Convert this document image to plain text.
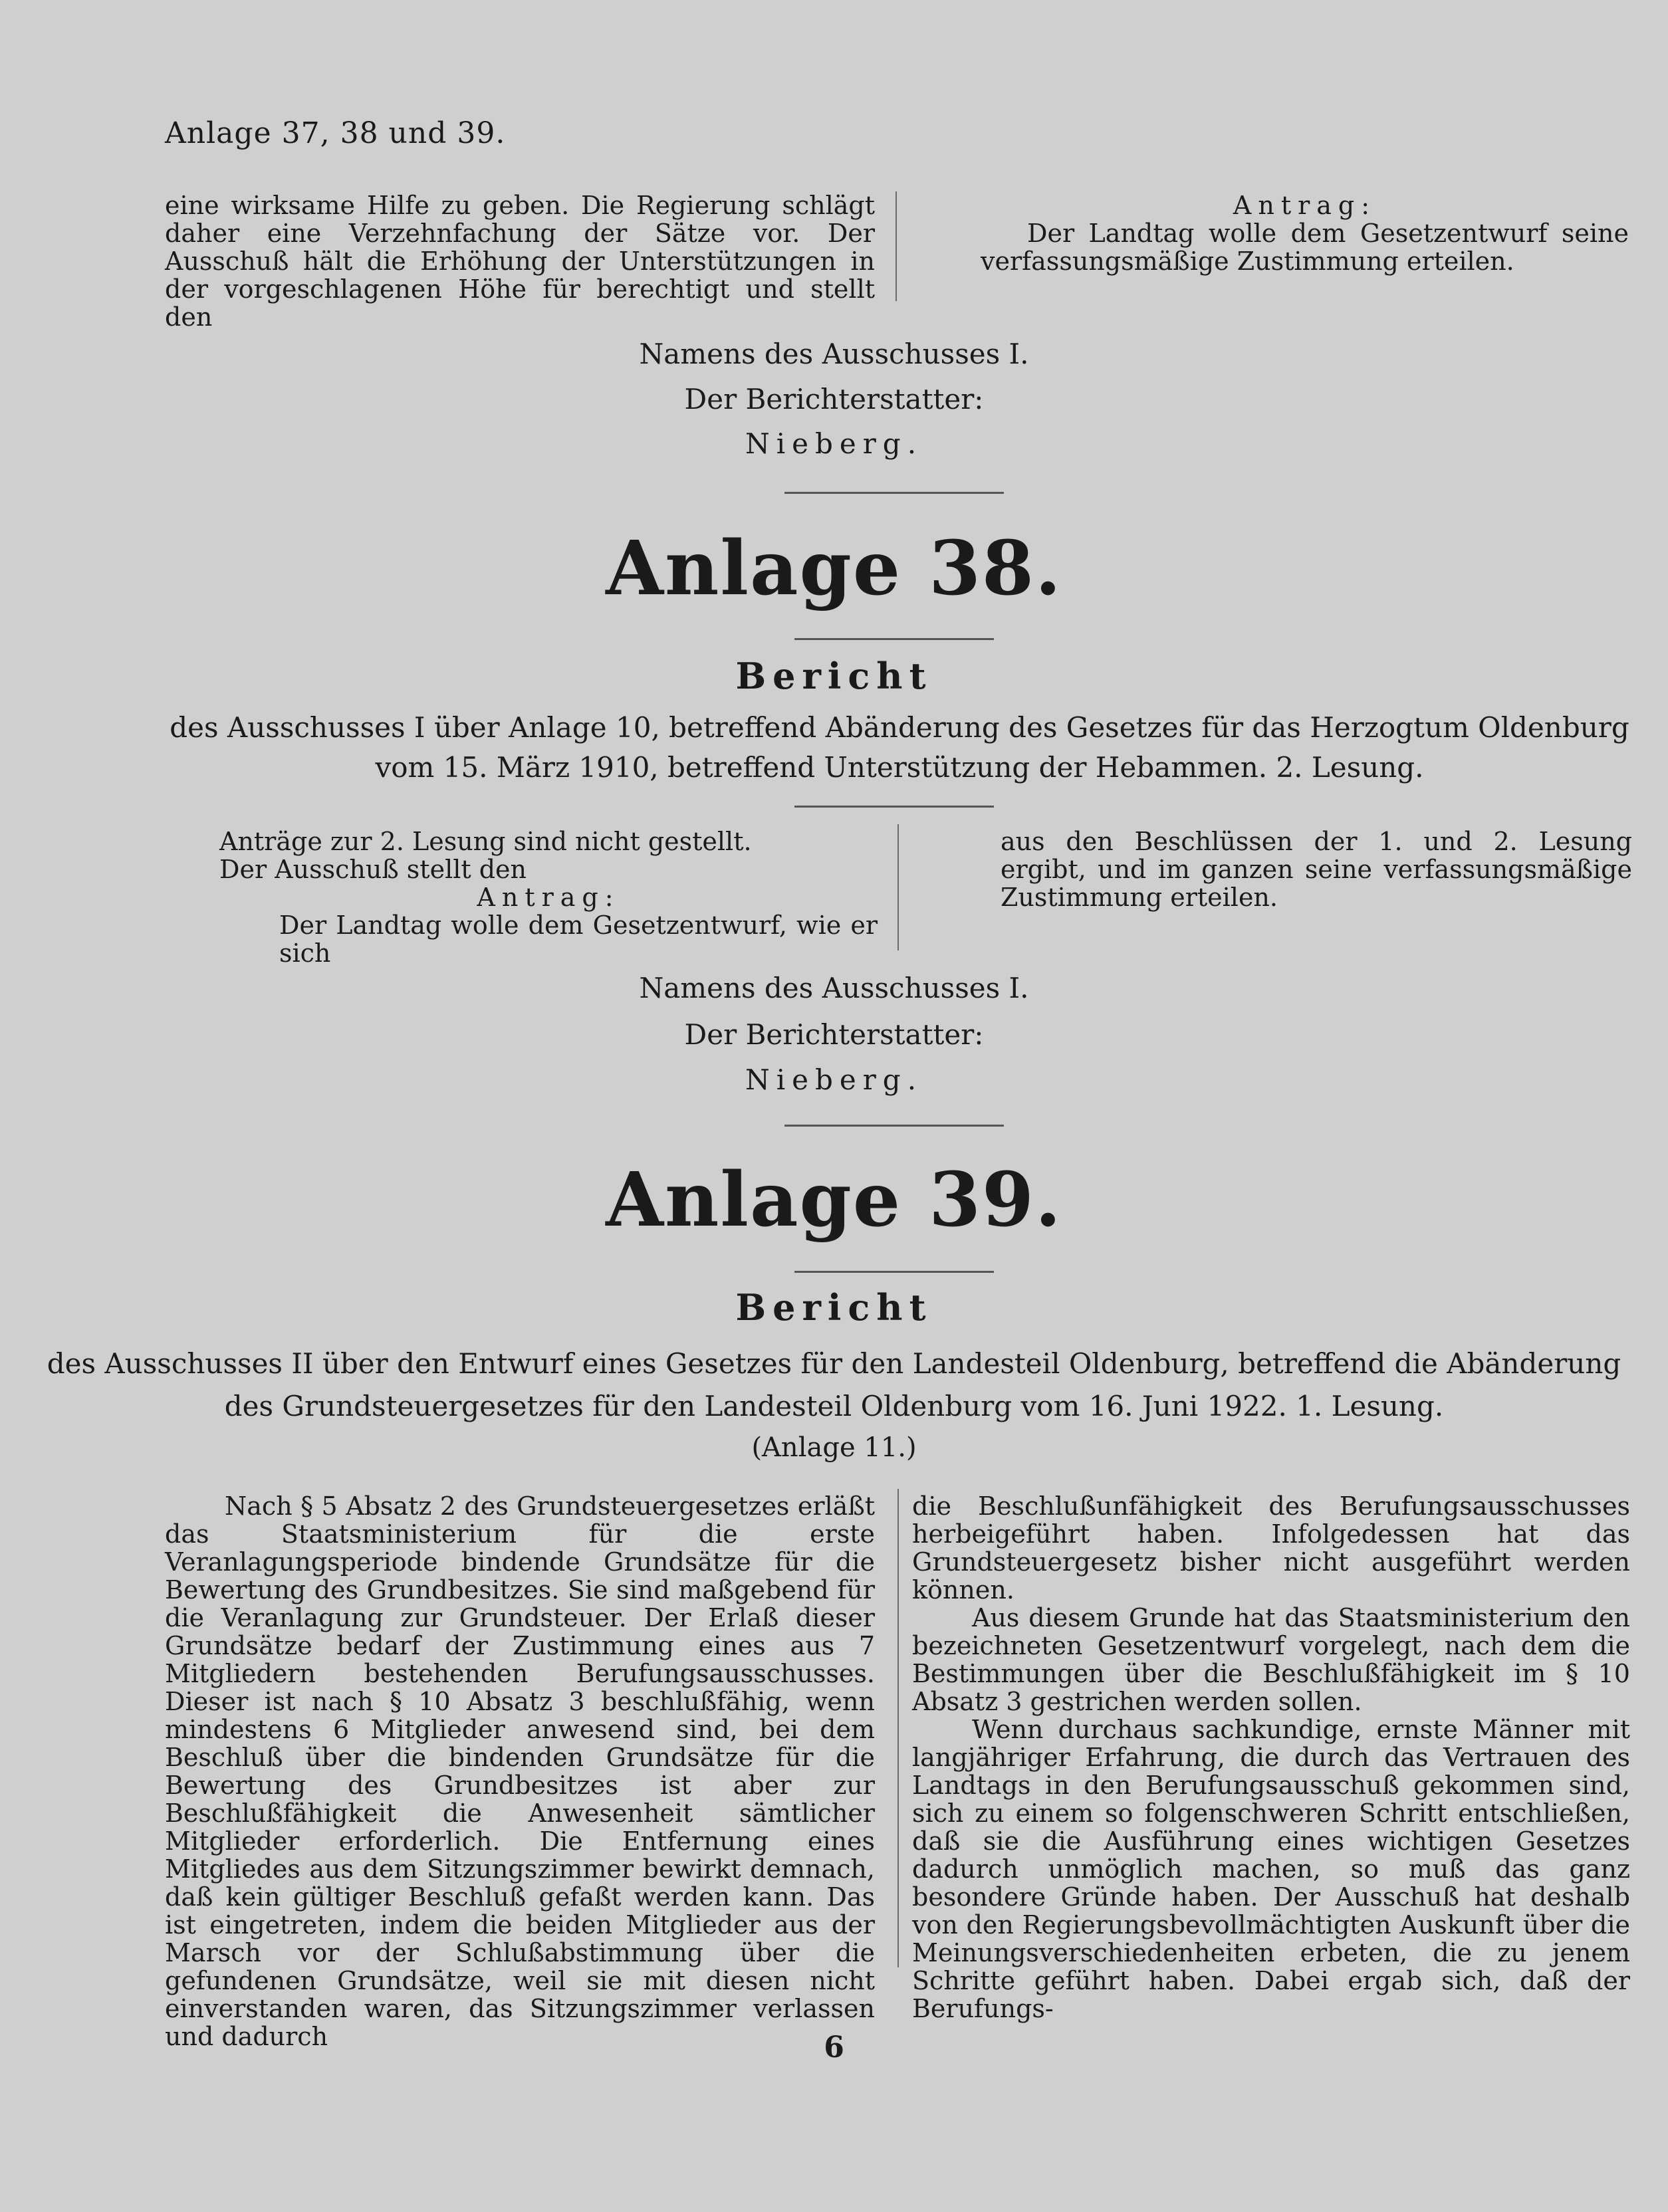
Anlage 37, 38 und 39.

eine wirksame Hilfe zu geben. Die Regierung schlägt daher eine Verzehnfachung der Sätze vor. Der Ausschuß hält die Erhöhung der Unterstützungen in der vorgeschlagenen Höhe für berechtigt und stellt den

Antrag:

Der Landtag wolle dem Gesetzentwurf seine verfassungsmäßige Zustimmung erteilen.

Namens des Ausschusses I.
Der Berichterstatter:
Nieberg.
Anlage 38.
Bericht
des Ausschusses I über Anlage 10, betreffend Abänderung des Gesetzes für das Herzogtum Oldenburg vom 15. März 1910, betreffend Unterstützung der Hebammen. 2. Lesung.
Anträge zur 2. Lesung sind nicht gestellt.
Der Ausschuß stellt den
Antrag:
Der Landtag wolle dem Gesetzentwurf, wie er sich

aus den Beschlüssen der 1. und 2. Lesung ergibt, und im ganzen seine verfassungsmäßige Zustimmung erteilen.

Namens des Ausschusses I.
Der Berichterstatter:
Nieberg.
Anlage 39.
Bericht
des Ausschusses II über den Entwurf eines Gesetzes für den Landesteil Oldenburg, betreffend die Abänderung
des Grundsteuergesetzes für den Landesteil Oldenburg vom 16. Juni 1922. 1. Lesung.
(Anlage 11.)

Nach § 5 Absatz 2 des Grundsteuergesetzes erläßt das Staatsministerium für die erste Veranlagungsperiode bindende Grundsätze für die Bewertung des Grundbesitzes. Sie sind maßgebend für die Veranlagung zur Grundsteuer. Der Erlaß dieser Grundsätze bedarf der Zustimmung eines aus 7 Mitgliedern bestehenden Berufungsausschusses. Dieser ist nach § 10 Absatz 3 beschlußfähig, wenn mindestens 6 Mitglieder anwesend sind, bei dem Beschluß über die bindenden Grundsätze für die Bewertung des Grundbesitzes ist aber zur Beschlußfähigkeit die Anwesenheit sämtlicher Mitglieder erforderlich. Die Entfernung eines Mitgliedes aus dem Sitzungszimmer bewirkt demnach, daß kein gültiger Beschluß gefaßt werden kann. Das ist eingetreten, indem die beiden Mitglieder aus der Marsch vor der Schlußabstimmung über die gefundenen Grundsätze, weil sie mit diesen nicht einverstanden waren, das Sitzungszimmer verlassen und dadurch

die Beschlußunfähigkeit des Berufungsausschusses herbeigeführt haben. Infolgedessen hat das Grundsteuergesetz bisher nicht ausgeführt werden können.

Aus diesem Grunde hat das Staatsministerium den bezeichneten Gesetzentwurf vorgelegt, nach dem die Bestimmungen über die Beschlußfähigkeit im § 10 Absatz 3 gestrichen werden sollen.

Wenn durchaus sachkundige, ernste Männer mit langjähriger Erfahrung, die durch das Vertrauen des Landtags in den Berufungsausschuß gekommen sind, sich zu einem so folgenschweren Schritt entschließen, daß sie die Ausführung eines wichtigen Gesetzes dadurch unmöglich machen, so muß das ganz besondere Gründe haben. Der Ausschuß hat deshalb von den Regierungsbevollmächtigten Auskunft über die Meinungsverschiedenheiten erbeten, die zu jenem Schritte geführt haben. Dabei ergab sich, daß der Berufungs-

6
